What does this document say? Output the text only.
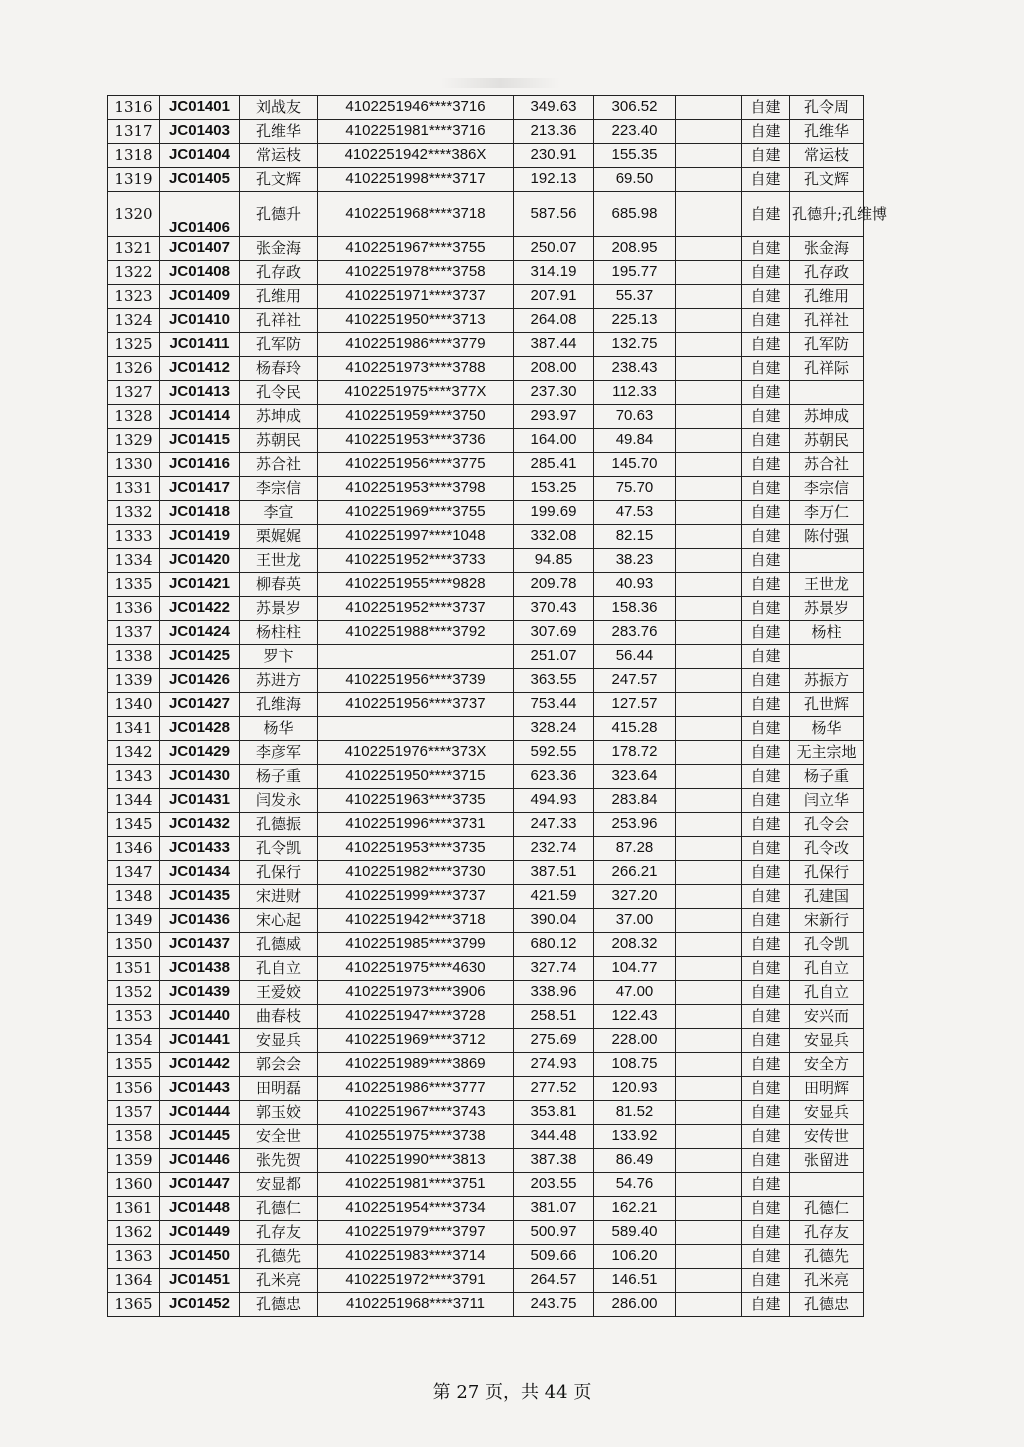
1316	JC01401	刘战友	4102251946****3716	349.63	306.52		自建	孔令周
1317	JC01403	孔维华	4102251981****3716	213.36	223.40		自建	孔维华
1318	JC01404	常运枝	4102251942****386X	230.91	155.35		自建	常运枝
1319	JC01405	孔文辉	4102251998****3717	192.13	69.50		自建	孔文辉
1320	JC01406	孔德升	4102251968****3718	587.56	685.98		自建	孔德升;孔维博
1321	JC01407	张金海	4102251967****3755	250.07	208.95		自建	张金海
1322	JC01408	孔存政	4102251978****3758	314.19	195.77		自建	孔存政
1323	JC01409	孔维用	4102251971****3737	207.91	55.37		自建	孔维用
1324	JC01410	孔祥社	4102251950****3713	264.08	225.13		自建	孔祥社
1325	JC01411	孔军防	4102251986****3779	387.44	132.75		自建	孔军防
1326	JC01412	杨春玲	4102251973****3788	208.00	238.43		自建	孔祥际
1327	JC01413	孔令民	4102251975****377X	237.30	112.33		自建	
1328	JC01414	苏坤成	4102251959****3750	293.97	70.63		自建	苏坤成
1329	JC01415	苏朝民	4102251953****3736	164.00	49.84		自建	苏朝民
1330	JC01416	苏合社	4102251956****3775	285.41	145.70		自建	苏合社
1331	JC01417	李宗信	4102251953****3798	153.25	75.70		自建	李宗信
1332	JC01418	李宣	4102251969****3755	199.69	47.53		自建	李万仁
1333	JC01419	栗娓娓	4102251997****1048	332.08	82.15		自建	陈付强
1334	JC01420	王世龙	4102251952****3733	94.85	38.23		自建	
1335	JC01421	柳春英	4102251955****9828	209.78	40.93		自建	王世龙
1336	JC01422	苏景岁	4102251952****3737	370.43	158.36		自建	苏景岁
1337	JC01424	杨柱柱	4102251988****3792	307.69	283.76		自建	杨柱
1338	JC01425	罗卞		251.07	56.44		自建	
1339	JC01426	苏进方	4102251956****3739	363.55	247.57		自建	苏振方
1340	JC01427	孔维海	4102251956****3737	753.44	127.57		自建	孔世辉
1341	JC01428	杨华		328.24	415.28		自建	杨华
1342	JC01429	李彦军	4102251976****373X	592.55	178.72		自建	无主宗地
1343	JC01430	杨子重	4102251950****3715	623.36	323.64		自建	杨子重
1344	JC01431	闫发永	4102251963****3735	494.93	283.84		自建	闫立华
1345	JC01432	孔德振	4102251996****3731	247.33	253.96		自建	孔令会
1346	JC01433	孔令凯	4102251953****3735	232.74	87.28		自建	孔令改
1347	JC01434	孔保行	4102251982****3730	387.51	266.21		自建	孔保行
1348	JC01435	宋进财	4102251999****3737	421.59	327.20		自建	孔建国
1349	JC01436	宋心起	4102251942****3718	390.04	37.00		自建	宋新行
1350	JC01437	孔德威	4102251985****3799	680.12	208.32		自建	孔令凯
1351	JC01438	孔自立	4102251975****4630	327.74	104.77		自建	孔自立
1352	JC01439	王爱姣	4102251973****3906	338.96	47.00		自建	孔自立
1353	JC01440	曲春枝	4102251947****3728	258.51	122.43		自建	安兴而
1354	JC01441	安显兵	4102251969****3712	275.69	228.00		自建	安显兵
1355	JC01442	郭会会	4102251989****3869	274.93	108.75		自建	安全方
1356	JC01443	田明磊	4102251986****3777	277.52	120.93		自建	田明辉
1357	JC01444	郭玉姣	4102251967****3743	353.81	81.52		自建	安显兵
1358	JC01445	安全世	4102551975****3738	344.48	133.92		自建	安传世
1359	JC01446	张先贺	4102251990****3813	387.38	86.49		自建	张留进
1360	JC01447	安显都	4102251981****3751	203.55	54.76		自建	
1361	JC01448	孔德仁	4102251954****3734	381.07	162.21		自建	孔德仁
1362	JC01449	孔存友	4102251979****3797	500.97	589.40		自建	孔存友
1363	JC01450	孔德先	4102251983****3714	509.66	106.20		自建	孔德先
1364	JC01451	孔米亮	4102251972****3791	264.57	146.51		自建	孔米亮
1365	JC01452	孔德忠	4102251968****3711	243.75	286.00		自建	孔德忠
第 27 页，共 44 页
